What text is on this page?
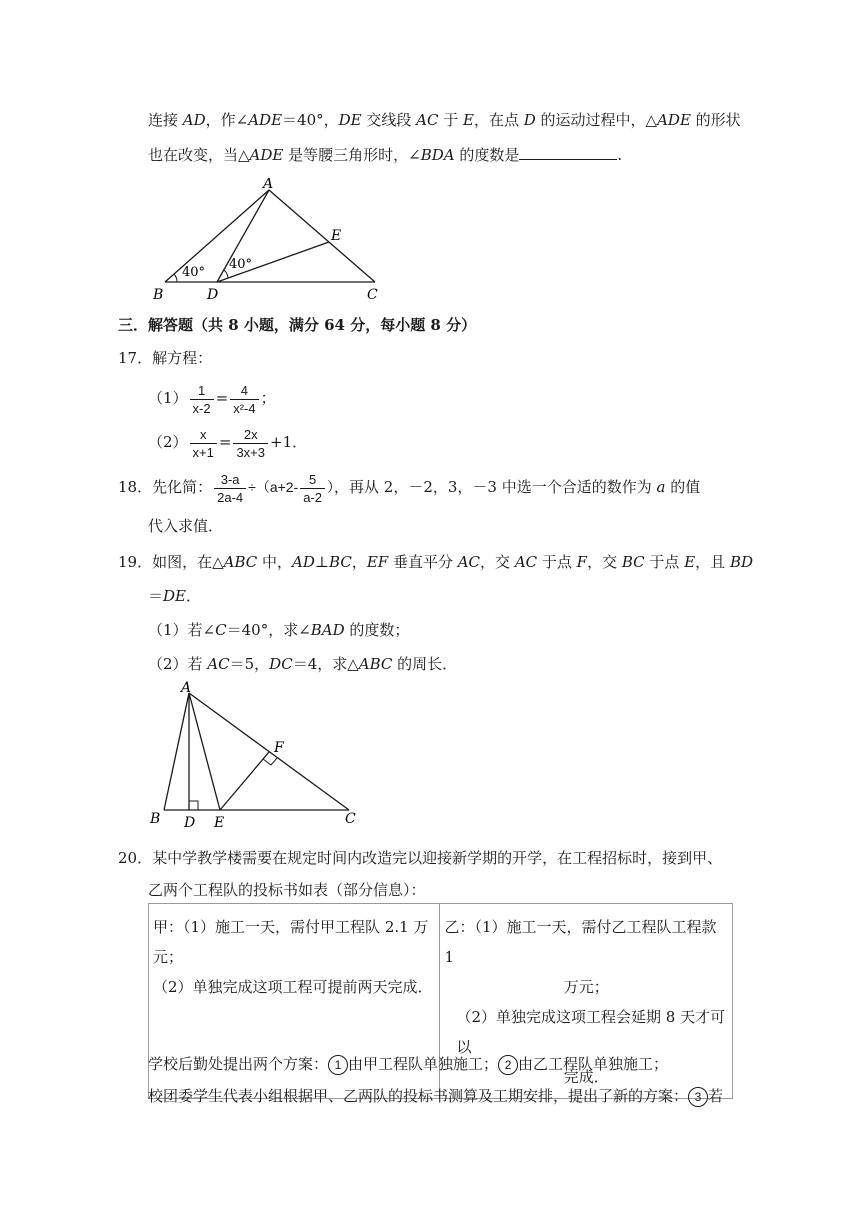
连接 AD，作∠ADE＝40°，DE 交线段 AC 于 E，在点 D 的运动过程中，△ADE 的形状
也在改变，当△ADE 是等腰三角形时，∠BDA 的度数是	.
40°
40°
A
B	D	C
E
三．解答题（共 8 小题，满分 64 分，每小题 8 分）
17．解方程：
$(1) \frac{1}{x-2} = \frac{4}{\text{x²-4}}$ ；
$(2) \frac{x}{x+1} = \frac{2x}{3x+3} +1$．
18．先化简： $\frac{3-a}{2a-4} \div(a+2- \frac{5}{a-2}$ ），再从 2，－2，3，－3 中选一个合适的数作为 a 的值
代入求值．
19．如图，在△ABC 中，AD⊥BC，EF 垂直平分 AC，交 AC 于点 F，交 BC 于点 E，且 BD
＝DE．
（1）若∠C＝40°，求∠BAD 的度数；
（2）若 AC＝5，DC＝4，求△ABC 的周长．
A
B D E	C
F
20．某中学教学楼需要在规定时间内改造完以迎接新学期的开学，在工程招标时，接到甲、
乙两个工程队的投标书如表（部分信息）：
甲：（1）施工一天，需付甲工程队 2.1 万元；
（2）单独完成这项工程可提前两天完成．	乙：（1）施工一天，需付乙工程队工程款 1
万元；
（2）单独完成这项工程会延期 8 天才可以
完成．
学校后勤处提出两个方案： 1 由甲工程队单独施工； 2 由乙工程队单独施工；
校团委学生代表小组根据甲、乙两队的投标书测算及工期安排，提出了新的方案： 3 若
